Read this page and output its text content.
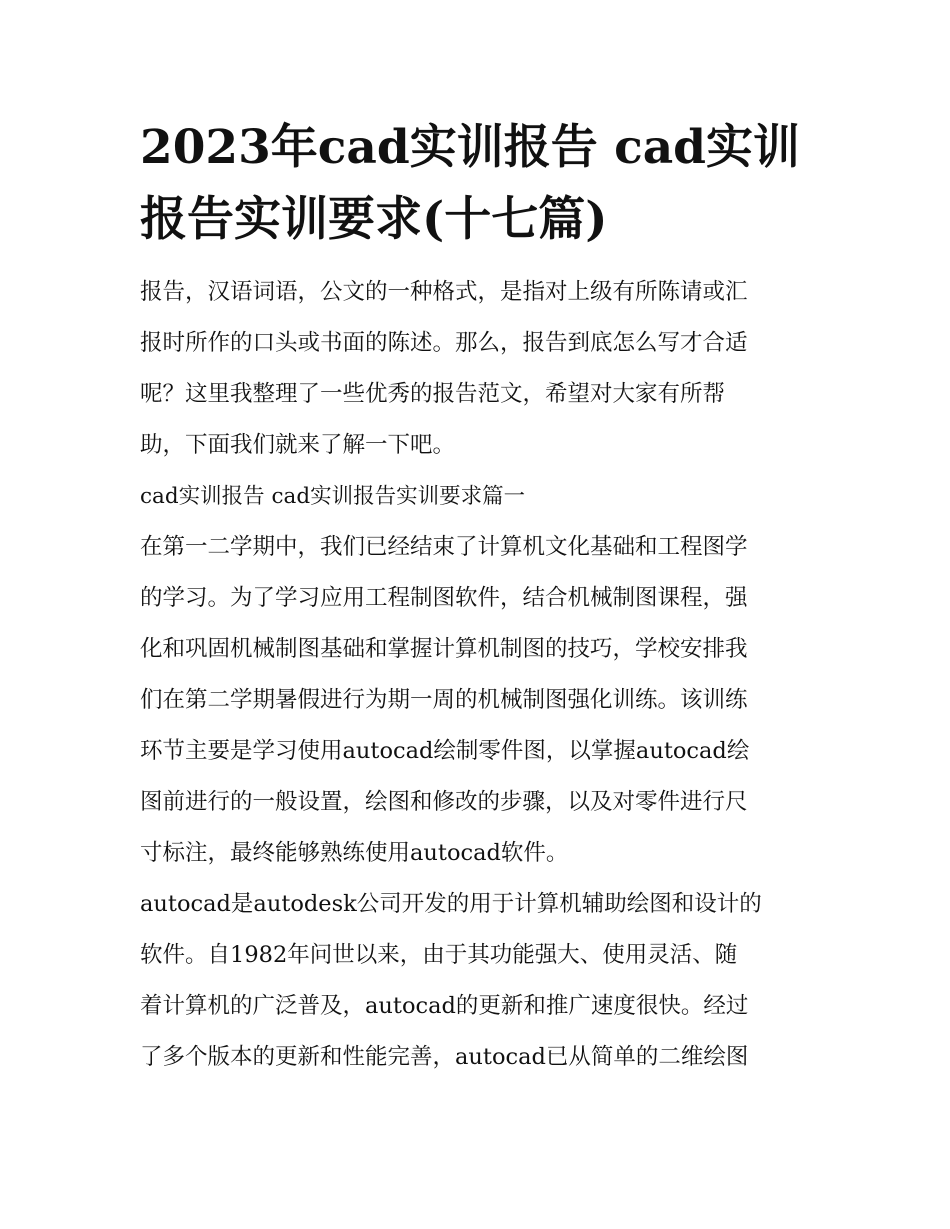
2023年cad实训报告 cad实训
报告实训要求(十七篇)
报告，汉语词语，公文的一种格式，是指对上级有所陈请或汇
报时所作的口头或书面的陈述。那么，报告到底怎么写才合适
呢？这里我整理了一些优秀的报告范文，希望对大家有所帮
助，下面我们就来了解一下吧。
cad实训报告 cad实训报告实训要求篇一
在第一二学期中，我们已经结束了计算机文化基础和工程图学
的学习。为了学习应用工程制图软件，结合机械制图课程，强
化和巩固机械制图基础和掌握计算机制图的技巧，学校安排我
们在第二学期暑假进行为期一周的机械制图强化训练。该训练
环节主要是学习使用autocad绘制零件图，以掌握autocad绘
图前进行的一般设置，绘图和修改的步骤，以及对零件进行尺
寸标注，最终能够熟练使用autocad软件。
autocad是autodesk公司开发的用于计算机辅助绘图和设计的
软件。自1982年问世以来，由于其功能强大、使用灵活、随
着计算机的广泛普及，autocad的更新和推广速度很快。经过
了多个版本的更新和性能完善，autocad已从简单的二维绘图
